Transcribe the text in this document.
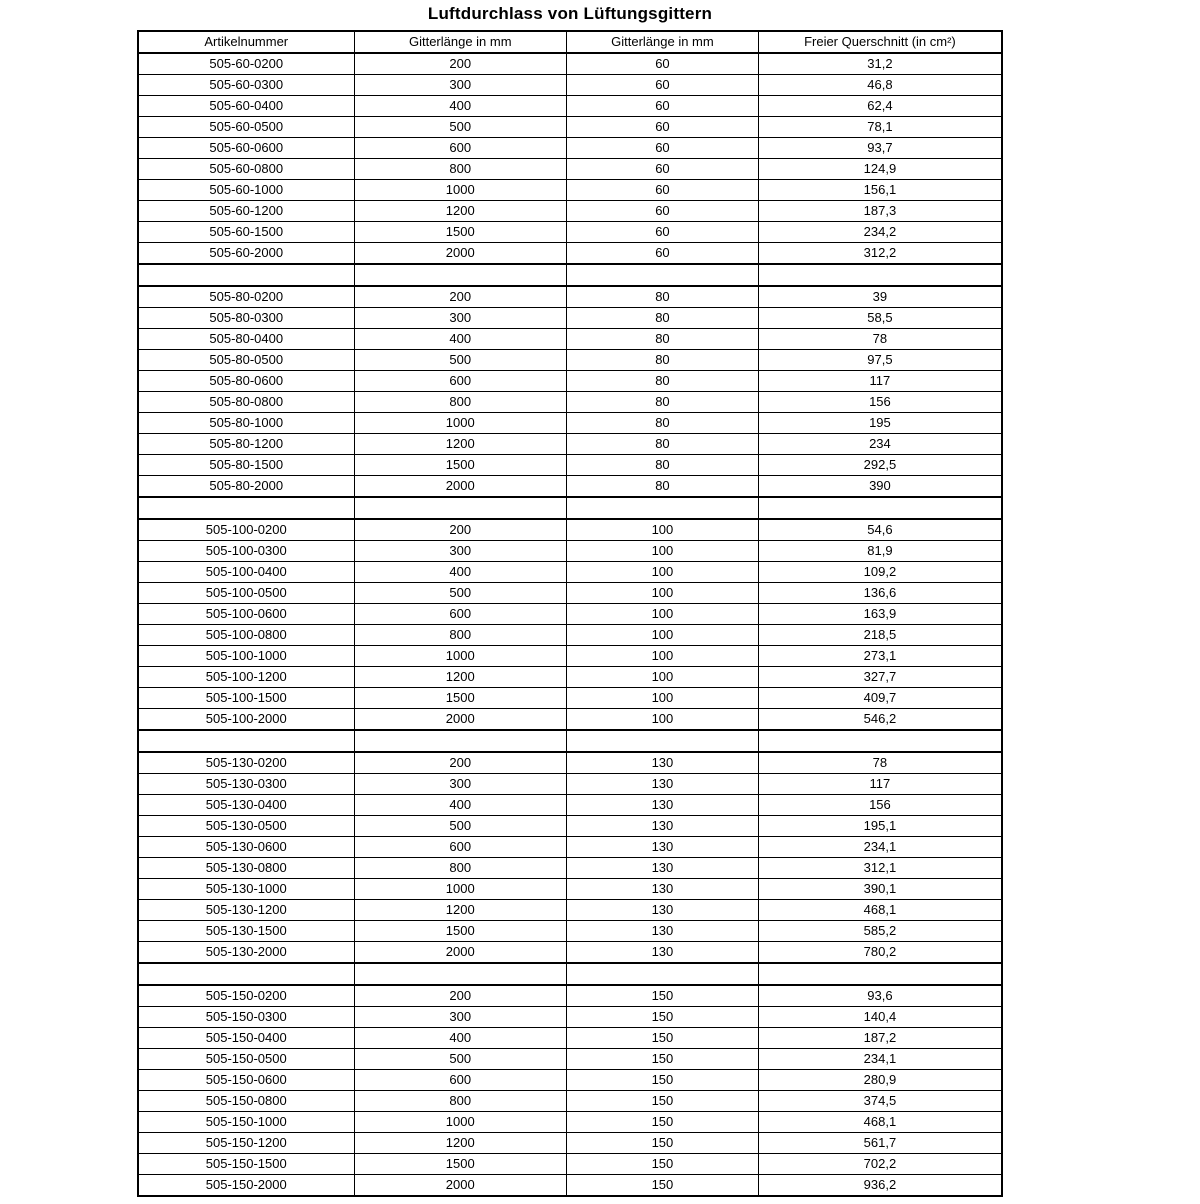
Luftdurchlass von Lüftungsgittern
Artikelnummer	Gitterlänge in mm	Gitterlänge in mm	Freier Querschnitt (in cm²)
505-60-0200	200	60	31,2
505-60-0300	300	60	46,8
505-60-0400	400	60	62,4
505-60-0500	500	60	78,1
505-60-0600	600	60	93,7
505-60-0800	800	60	124,9
505-60-1000	1000	60	156,1
505-60-1200	1200	60	187,3
505-60-1500	1500	60	234,2
505-60-2000	2000	60	312,2

505-80-0200	200	80	39
505-80-0300	300	80	58,5
505-80-0400	400	80	78
505-80-0500	500	80	97,5
505-80-0600	600	80	117
505-80-0800	800	80	156
505-80-1000	1000	80	195
505-80-1200	1200	80	234
505-80-1500	1500	80	292,5
505-80-2000	2000	80	390

505-100-0200	200	100	54,6
505-100-0300	300	100	81,9
505-100-0400	400	100	109,2
505-100-0500	500	100	136,6
505-100-0600	600	100	163,9
505-100-0800	800	100	218,5
505-100-1000	1000	100	273,1
505-100-1200	1200	100	327,7
505-100-1500	1500	100	409,7
505-100-2000	2000	100	546,2

505-130-0200	200	130	78
505-130-0300	300	130	117
505-130-0400	400	130	156
505-130-0500	500	130	195,1
505-130-0600	600	130	234,1
505-130-0800	800	130	312,1
505-130-1000	1000	130	390,1
505-130-1200	1200	130	468,1
505-130-1500	1500	130	585,2
505-130-2000	2000	130	780,2

505-150-0200	200	150	93,6
505-150-0300	300	150	140,4
505-150-0400	400	150	187,2
505-150-0500	500	150	234,1
505-150-0600	600	150	280,9
505-150-0800	800	150	374,5
505-150-1000	1000	150	468,1
505-150-1200	1200	150	561,7
505-150-1500	1500	150	702,2
505-150-2000	2000	150	936,2
